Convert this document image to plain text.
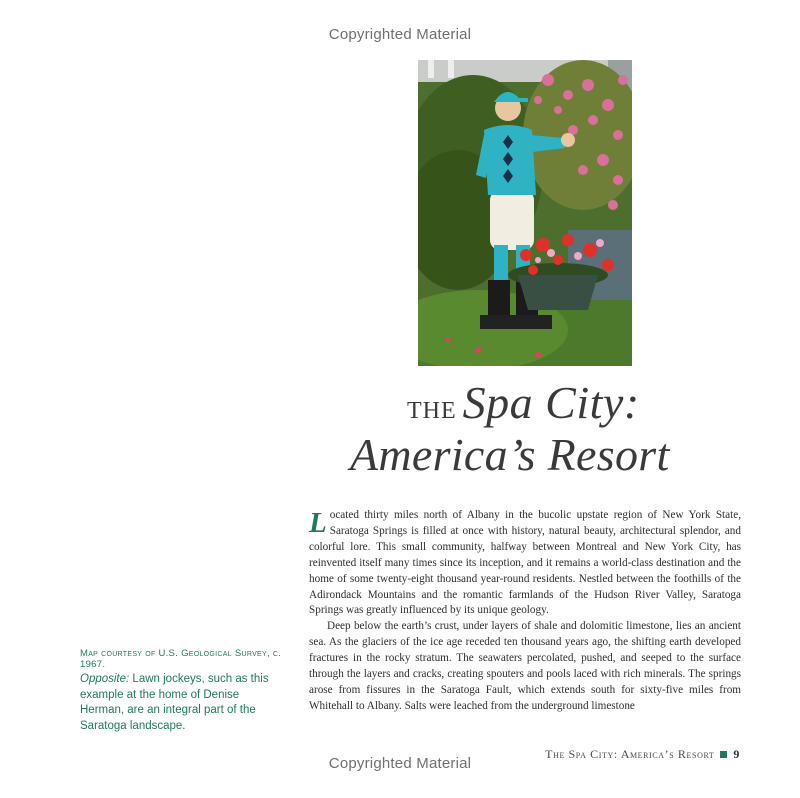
Copyrighted Material
THE Spa City:
America’s Resort

Located thirty miles north of Albany in the bucolic upstate region of New York State, Saratoga Springs is filled at once with history, natural beauty, architectural splendor, and colorful lore. This small community, halfway between Montreal and New York City, has reinvented itself many times since its inception, and it remains a world-class destination and the home of some twenty-eight thousand year-round residents. Nestled between the foothills of the Adirondack Mountains and the romantic farmlands of the Hudson River Valley, Saratoga Springs was greatly influenced by its unique geology.

Deep below the earth’s crust, under layers of shale and dolomitic limestone, lies an ancient sea. As the glaciers of the ice age receded ten thousand years ago, the shifting earth developed fractures in the rocky stratum. The seawaters percolated, pushed, and seeped to the surface through the layers and cracks, creating spouters and pools laced with rich minerals. The springs arose from fissures in the Saratoga Fault, which extends south for sixty-five miles from Whitehall to Albany. Salts were leached from the underground limestone

Map courtesy of U.S. Geological Survey, c. 1967.

Opposite: Lawn jockeys, such as this example at the home of Denise Herman, are an integral part of the Saratoga landscape.

The Spa City: America’s Resort 9
Copyrighted Material
